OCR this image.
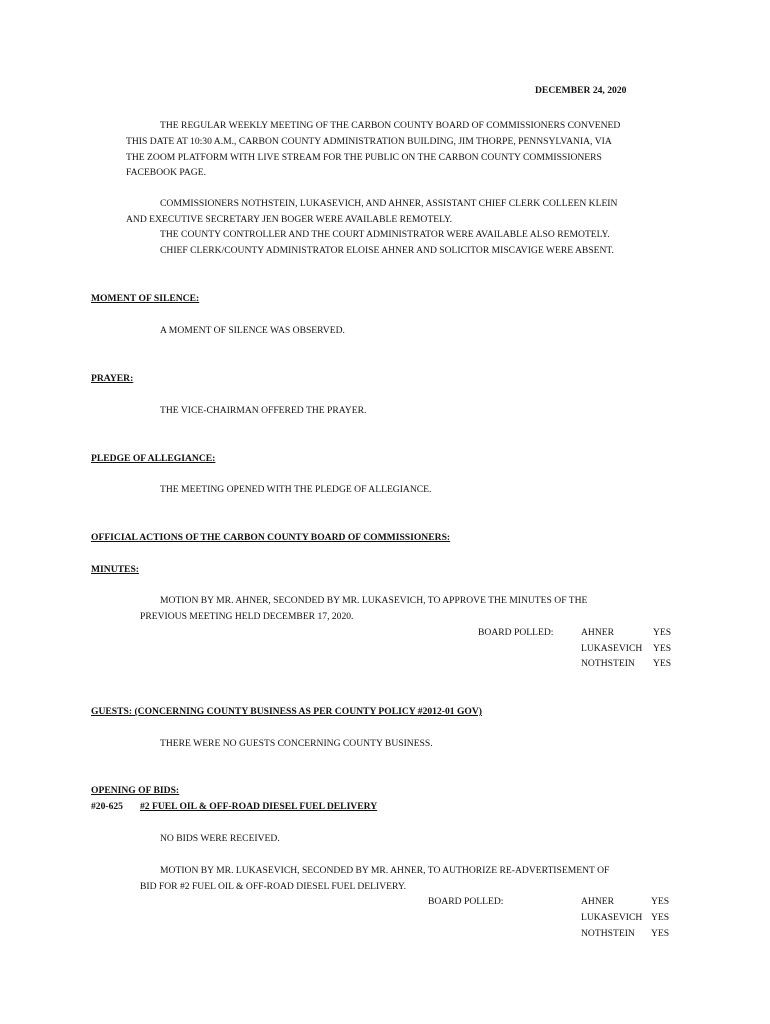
DECEMBER 24, 2020
THE REGULAR WEEKLY MEETING OF THE CARBON COUNTY BOARD OF COMMISSIONERS CONVENED
THIS DATE AT 10:30 A.M., CARBON COUNTY ADMINISTRATION BUILDING, JIM THORPE, PENNSYLVANIA, VIA
THE ZOOM PLATFORM WITH LIVE STREAM FOR THE PUBLIC ON THE CARBON COUNTY COMMISSIONERS
FACEBOOK PAGE.
COMMISSIONERS NOTHSTEIN, LUKASEVICH, AND AHNER, ASSISTANT CHIEF CLERK COLLEEN KLEIN
AND EXECUTIVE SECRETARY JEN BOGER WERE AVAILABLE REMOTELY.
THE COUNTY CONTROLLER AND THE COURT ADMINISTRATOR WERE AVAILABLE ALSO REMOTELY.
CHIEF CLERK/COUNTY ADMINISTRATOR ELOISE AHNER AND SOLICITOR MISCAVIGE WERE ABSENT.
MOMENT OF SILENCE:
A MOMENT OF SILENCE WAS OBSERVED.
PRAYER:
THE VICE-CHAIRMAN OFFERED THE PRAYER.
PLEDGE OF ALLEGIANCE:
THE MEETING OPENED WITH THE PLEDGE OF ALLEGIANCE.
OFFICIAL ACTIONS OF THE CARBON COUNTY BOARD OF COMMISSIONERS:
MINUTES:
MOTION BY MR. AHNER, SECONDED BY MR. LUKASEVICH, TO APPROVE THE MINUTES OF THE
PREVIOUS MEETING HELD DECEMBER 17, 2020.
BOARD POLLED:	AHNER	YES
LUKASEVICH YES
NOTHSTEIN YES
GUESTS: (CONCERNING COUNTY BUSINESS AS PER COUNTY POLICY #2012-01 GOV)
THERE WERE NO GUESTS CONCERNING COUNTY BUSINESS.
OPENING OF BIDS:
#20-625 #2 FUEL OIL & OFF-ROAD DIESEL FUEL DELIVERY
NO BIDS WERE RECEIVED.
MOTION BY MR. LUKASEVICH, SECONDED BY MR. AHNER, TO AUTHORIZE RE-ADVERTISEMENT OF
BID FOR #2 FUEL OIL & OFF-ROAD DIESEL FUEL DELIVERY.
BOARD POLLED:	AHNER	YES
LUKASEVICH YES
NOTHSTEIN YES
